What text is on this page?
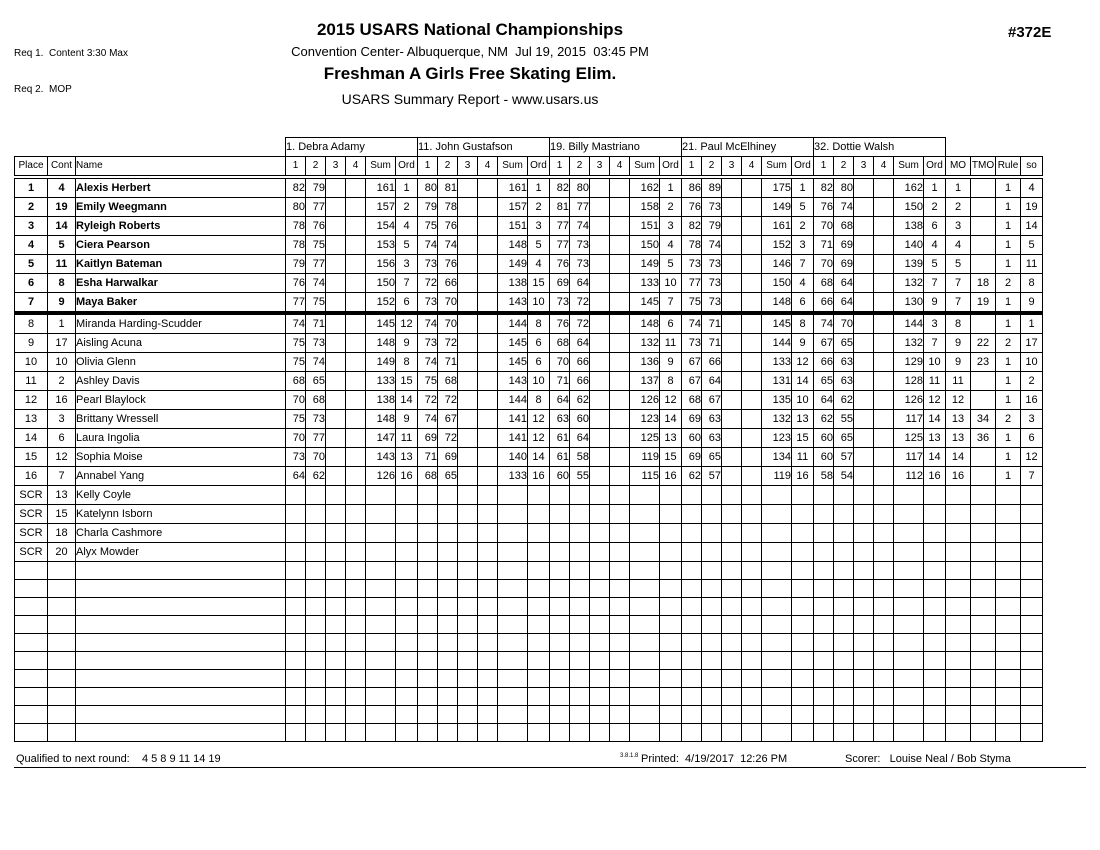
Req 1.  Content 3:30 Max

Req 2.  MOP

2015 USARS National Championships
Convention Center- Albuquerque, NM  Jul 19, 2015  03:45 PM
Freshman A Girls Free Skating Elim.
USARS Summary Report - www.usars.us
#372E
			1. Debra Adamy						11. John Gustafson						19. Billy Mastriano						21. Paul McElhiney						32. Dottie Walsh									
Place	Cont	Name	1	2	3	4	Sum	Ord	1	2	3	4	Sum	Ord	1	2	3	4	Sum	Ord	1	2	3	4	Sum	Ord	1	2	3	4	Sum	Ord	MO	TMO	Rule	so
1	4	Alexis Herbert	82	79			161	1	80	81			161	1	82	80			162	1	86	89			175	1	82	80			162	1	1		1	4
2	19	Emily Weegmann	80	77			157	2	79	78			157	2	81	77			158	2	76	73			149	5	76	74			150	2	2		1	19
3	14	Ryleigh Roberts	78	76			154	4	75	76			151	3	77	74			151	3	82	79			161	2	70	68			138	6	3		1	14
4	5	Ciera Pearson	78	75			153	5	74	74			148	5	77	73			150	4	78	74			152	3	71	69			140	4	4		1	5
5	11	Kaitlyn Bateman	79	77			156	3	73	76			149	4	76	73			149	5	73	73			146	7	70	69			139	5	5		1	11
6	8	Esha Harwalkar	76	74			150	7	72	66			138	15	69	64			133	10	77	73			150	4	68	64			132	7	7	18	2	8
7	9	Maya Baker	77	75			152	6	73	70			143	10	73	72			145	7	75	73			148	6	66	64			130	9	7	19	1	9
8	1	Miranda Harding-Scudder	74	71			145	12	74	70			144	8	76	72			148	6	74	71			145	8	74	70			144	3	8		1	1
9	17	Aisling Acuna	75	73			148	9	73	72			145	6	68	64			132	11	73	71			144	9	67	65			132	7	9	22	2	17
10	10	Olivia Glenn	75	74			149	8	74	71			145	6	70	66			136	9	67	66			133	12	66	63			129	10	9	23	1	10
11	2	Ashley Davis	68	65			133	15	75	68			143	10	71	66			137	8	67	64			131	14	65	63			128	11	11		1	2
12	16	Pearl Blaylock	70	68			138	14	72	72			144	8	64	62			126	12	68	67			135	10	64	62			126	12	12		1	16
13	3	Brittany Wressell	75	73			148	9	74	67			141	12	63	60			123	14	69	63			132	13	62	55			117	14	13	34	2	3
14	6	Laura Ingolia	70	77			147	11	69	72			141	12	61	64			125	13	60	63			123	15	60	65			125	13	13	36	1	6
15	12	Sophia Moise	73	70			143	13	71	69			140	14	61	58			119	15	69	65			134	11	60	57			117	14	14		1	12
16	7	Annabel Yang	64	62			126	16	68	65			133	16	60	55			115	16	62	57			119	16	58	54			112	16	16		1	7
SCR	13	Kelly Coyle																																		
SCR	15	Katelynn Isborn																																		
SCR	18	Charla Cashmore																																		
SCR	20	Alyx Mowder																																		

Qualified to next round:    4 5 8 9 11 14 19	3.8.1.8 Printed:  4/19/2017  12:26 PM	Scorer:   Louise Neal / Bob Styma
